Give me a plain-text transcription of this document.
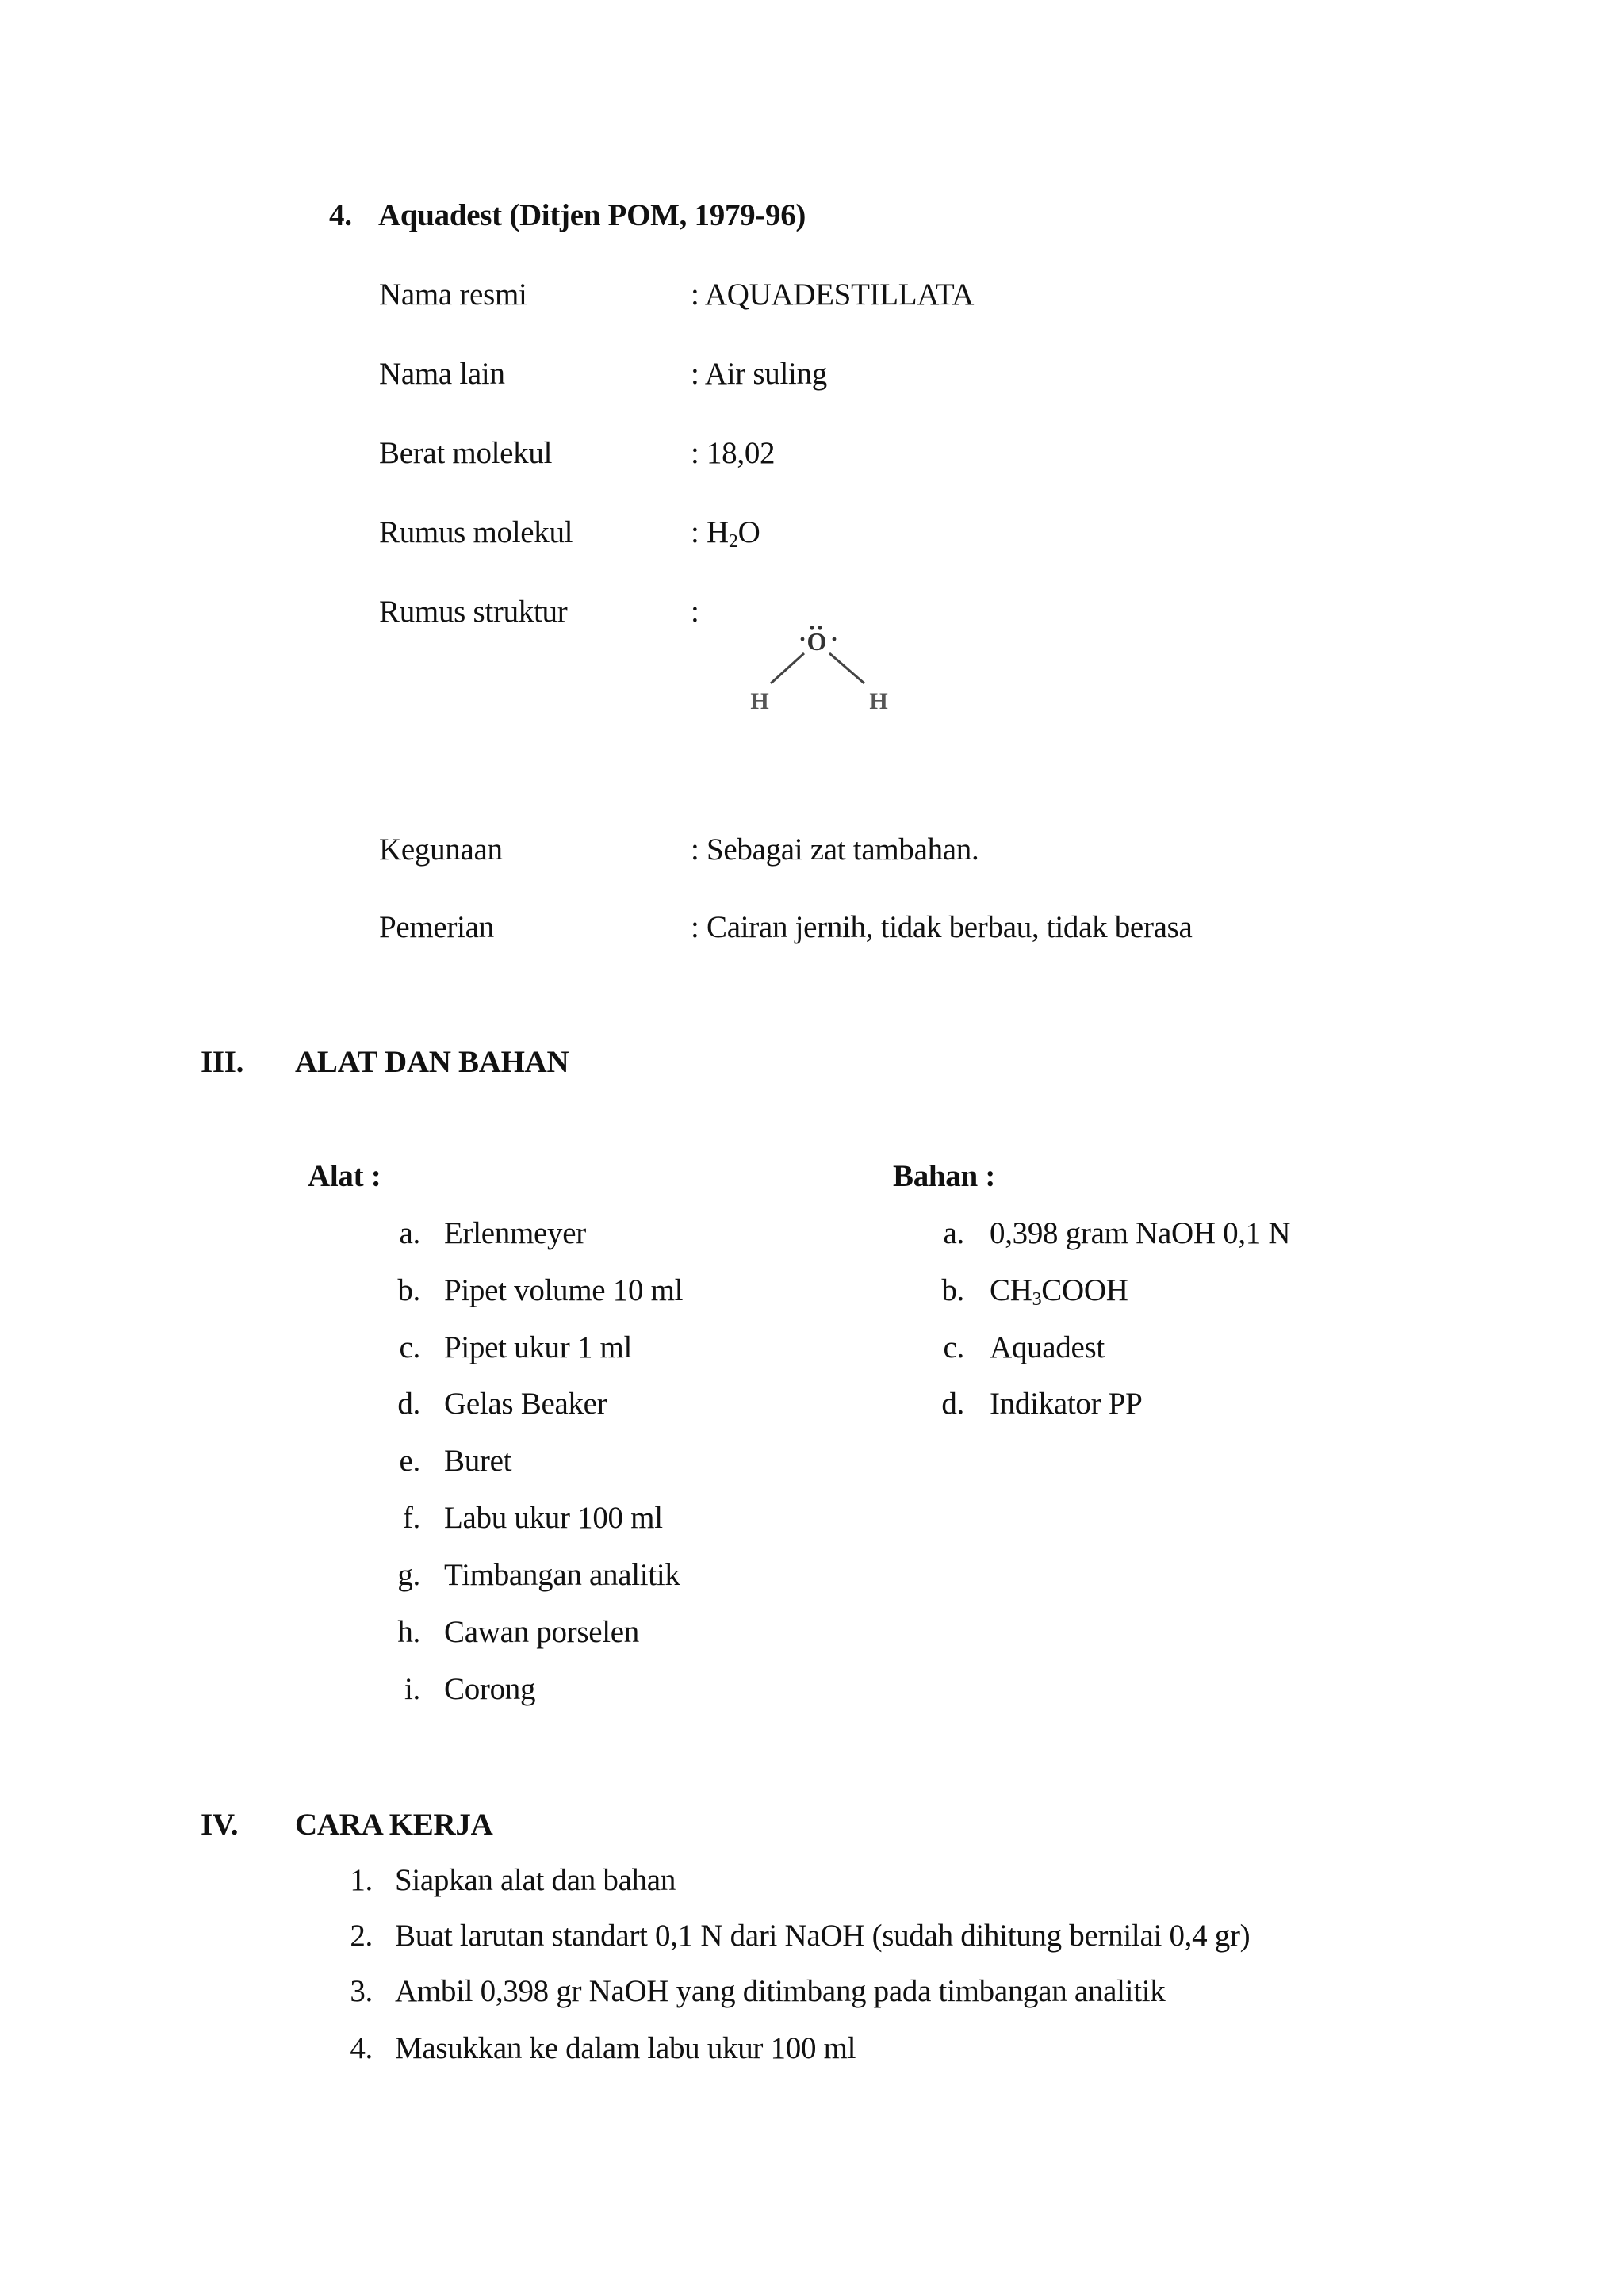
4. Aquadest (Ditjen POM, 1979-96)
Nama resmi	: AQUADESTILLATA
Nama lain	: Air suling
Berat molekul	: 18,02
Rumus molekul	: $H_2O$
Rumus struktur	:
O
H	H
Kegunaan	: Sebagai zat tambahan.
Pemerian	: Cairan jernih, tidak berbau, tidak berasa
III. ALAT DAN BAHAN
Alat :
a. Erlenmeyer
b. Pipet volume 10 ml
c. Pipet ukur 1 ml
d. Gelas Beaker
e. Buret
f. Labu ukur 100 ml
g. Timbangan analitik
h. Cawan porselen
i. Corong
Bahan :
a. 0,398 gram NaOH 0,1 N
b. $CH_3COOH$
c. Aquadest
d. Indikator PP
IV. CARA KERJA
1. Siapkan alat dan bahan
2. Buat larutan standart 0,1 N dari NaOH (sudah dihitung bernilai 0,4 gr)
3. Ambil 0,398 gr NaOH yang ditimbang pada timbangan analitik
4. Masukkan ke dalam labu ukur 100 ml
